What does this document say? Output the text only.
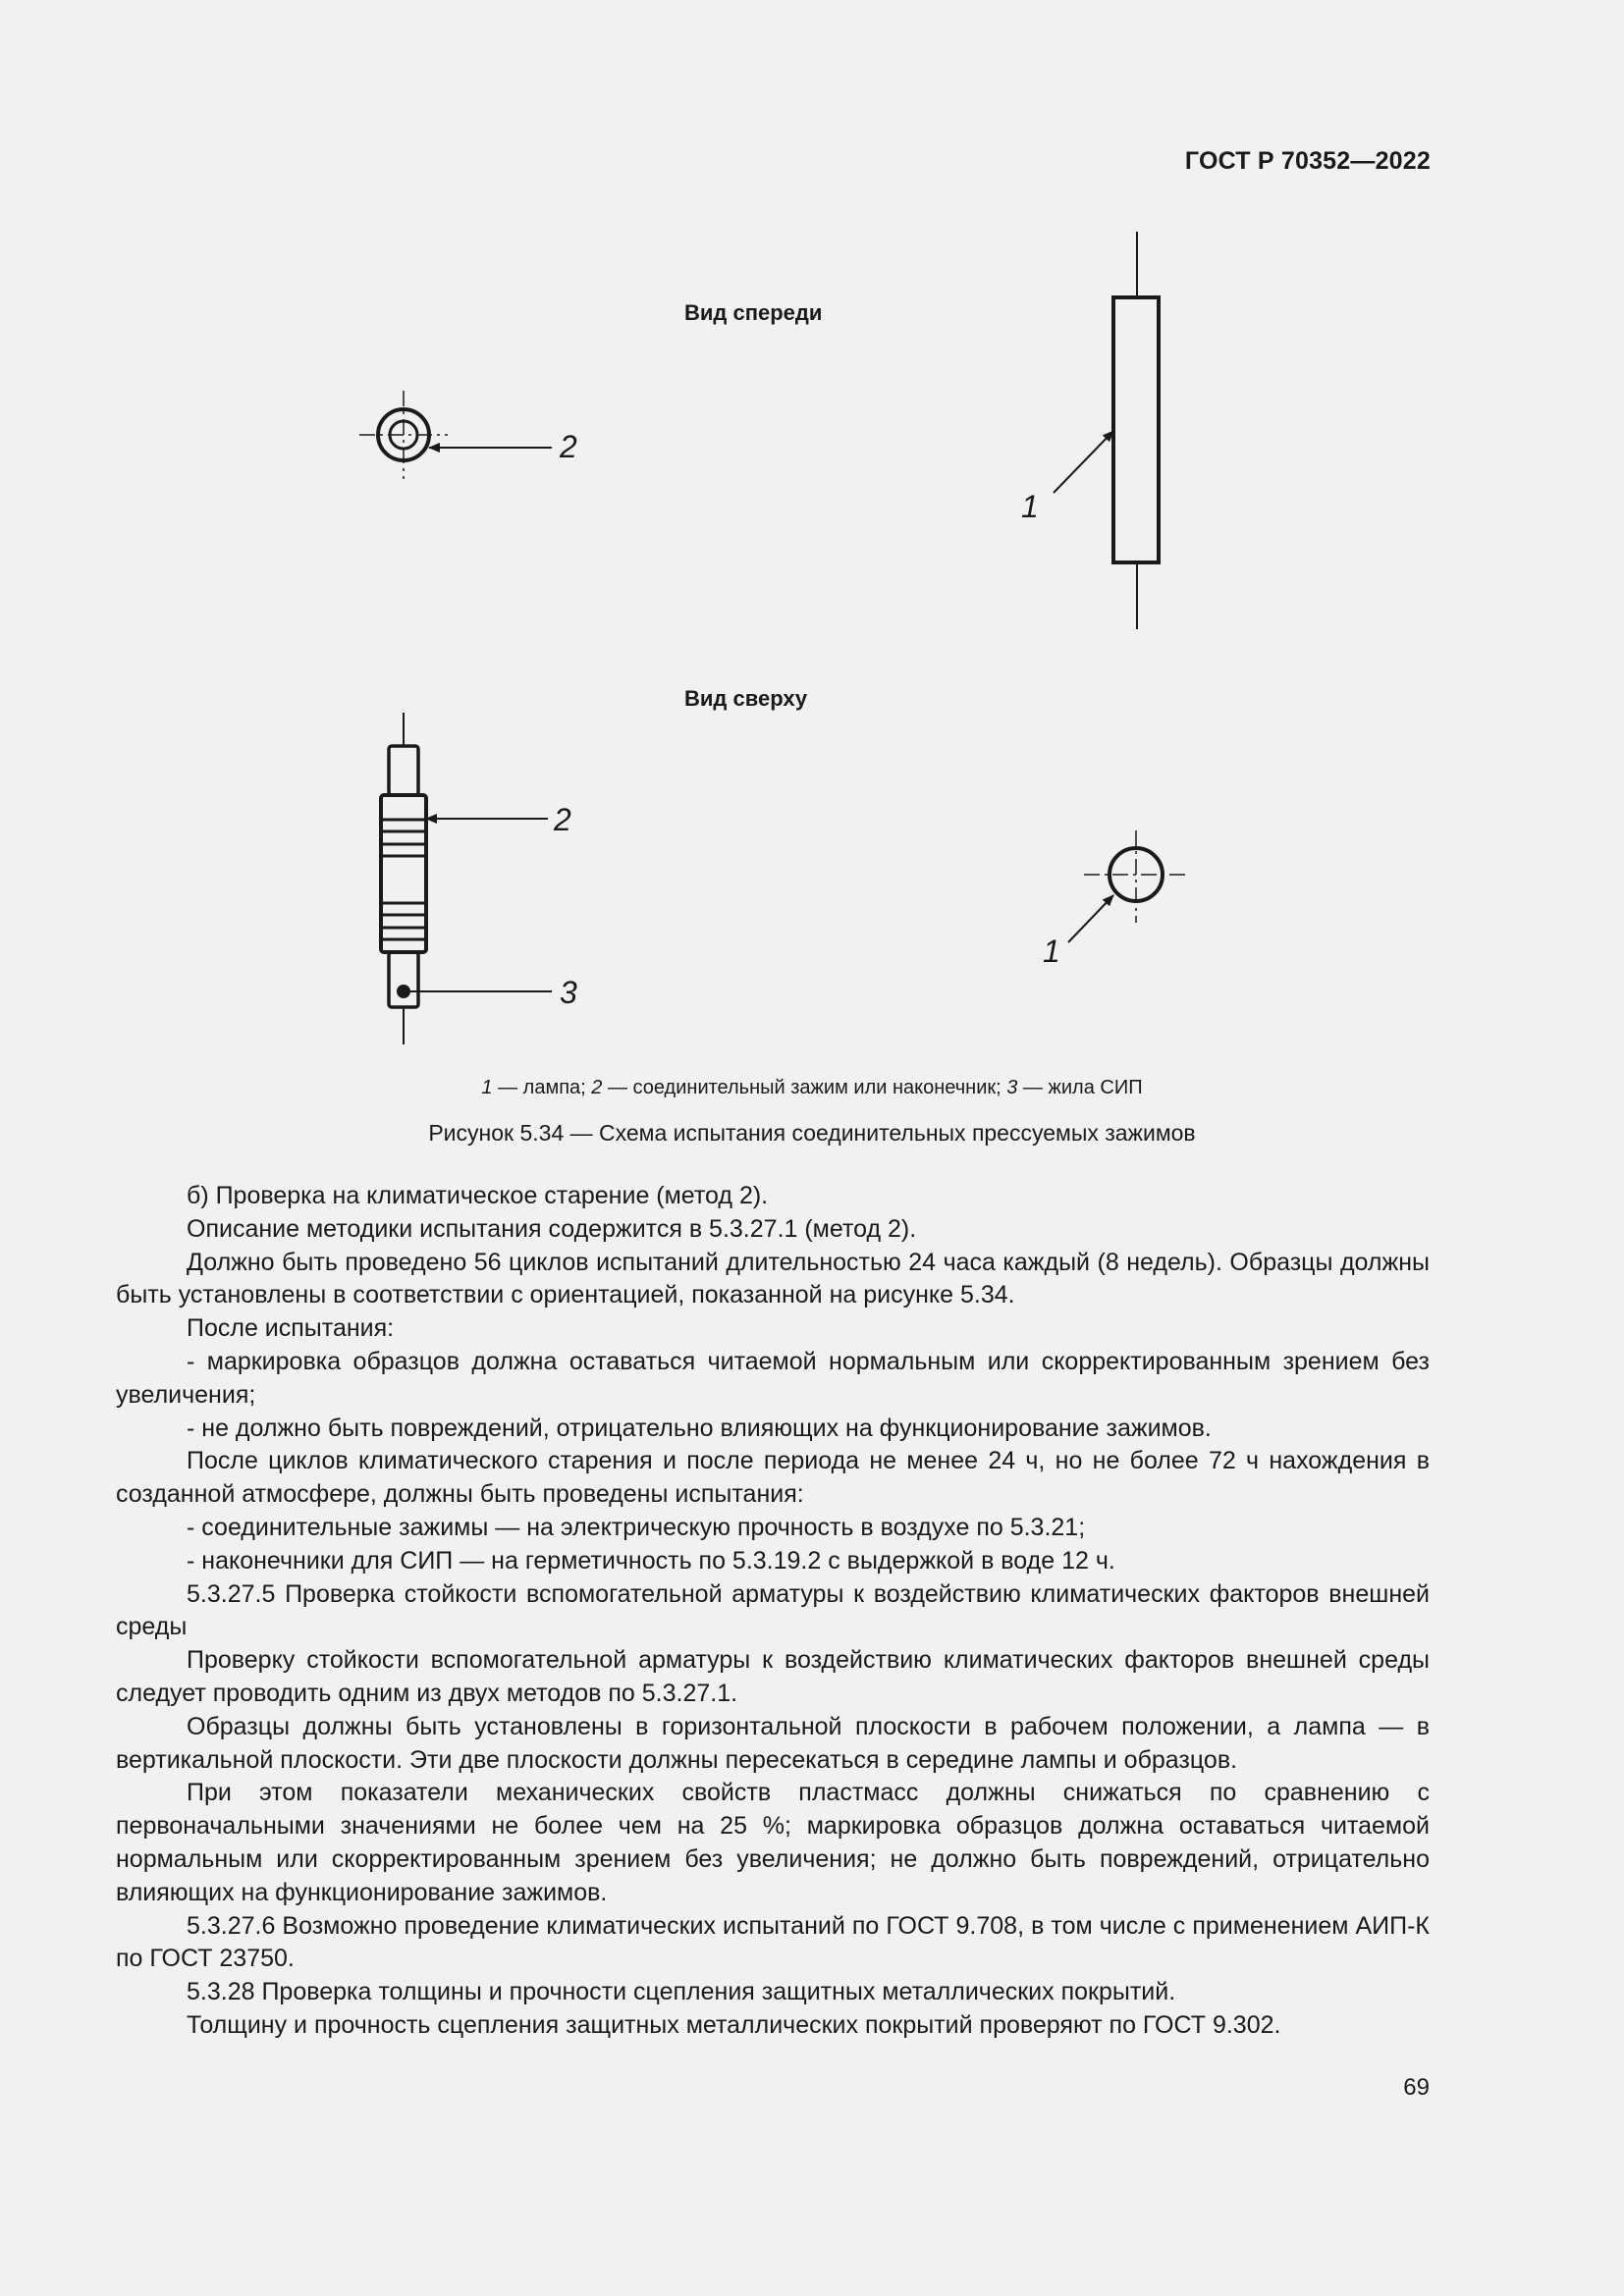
ГОСТ Р 70352—2022
Вид спереди
Вид сверху
2
1
2
3
1
1 — лампа; 2 — соединительный зажим или наконечник; 3 — жила СИП
Рисунок 5.34 — Схема испытания соединительных прессуемых зажимов

б) Проверка на климатическое старение (метод 2).

Описание методики испытания содержится в 5.3.27.1 (метод 2).

Должно быть проведено 56 циклов испытаний длительностью 24 часа каждый (8 недель). Образцы должны быть установлены в соответствии с ориентацией, показанной на рисунке 5.34.

После испытания:

- маркировка образцов должна оставаться читаемой нормальным или скорректированным зрением без увеличения;

- не должно быть повреждений, отрицательно влияющих на функционирование зажимов.

После циклов климатического старения и после периода не менее 24 ч, но не более 72 ч нахождения в созданной атмосфере, должны быть проведены испытания:

- соединительные зажимы — на электрическую прочность в воздухе по 5.3.21;

- наконечники для СИП — на герметичность по 5.3.19.2 с выдержкой в воде 12 ч.

5.3.27.5 Проверка стойкости вспомогательной арматуры к воздействию климатических факторов внешней среды

Проверку стойкости вспомогательной арматуры к воздействию климатических факторов внешней среды следует проводить одним из двух методов по 5.3.27.1.

Образцы должны быть установлены в горизонтальной плоскости в рабочем положении, а лампа — в вертикальной плоскости. Эти две плоскости должны пересекаться в середине лампы и образцов.

При этом показатели механических свойств пластмасс должны снижаться по сравнению с первоначальными значениями не более чем на 25 %; маркировка образцов должна оставаться читаемой нормальным или скорректированным зрением без увеличения; не должно быть повреждений, отрицательно влияющих на функционирование зажимов.

5.3.27.6 Возможно проведение климатических испытаний по ГОСТ 9.708, в том числе с применением АИП-К по ГОСТ 23750.

5.3.28 Проверка толщины и прочности сцепления защитных металлических покрытий.

Толщину и прочность сцепления защитных металлических покрытий проверяют по ГОСТ 9.302.

69
